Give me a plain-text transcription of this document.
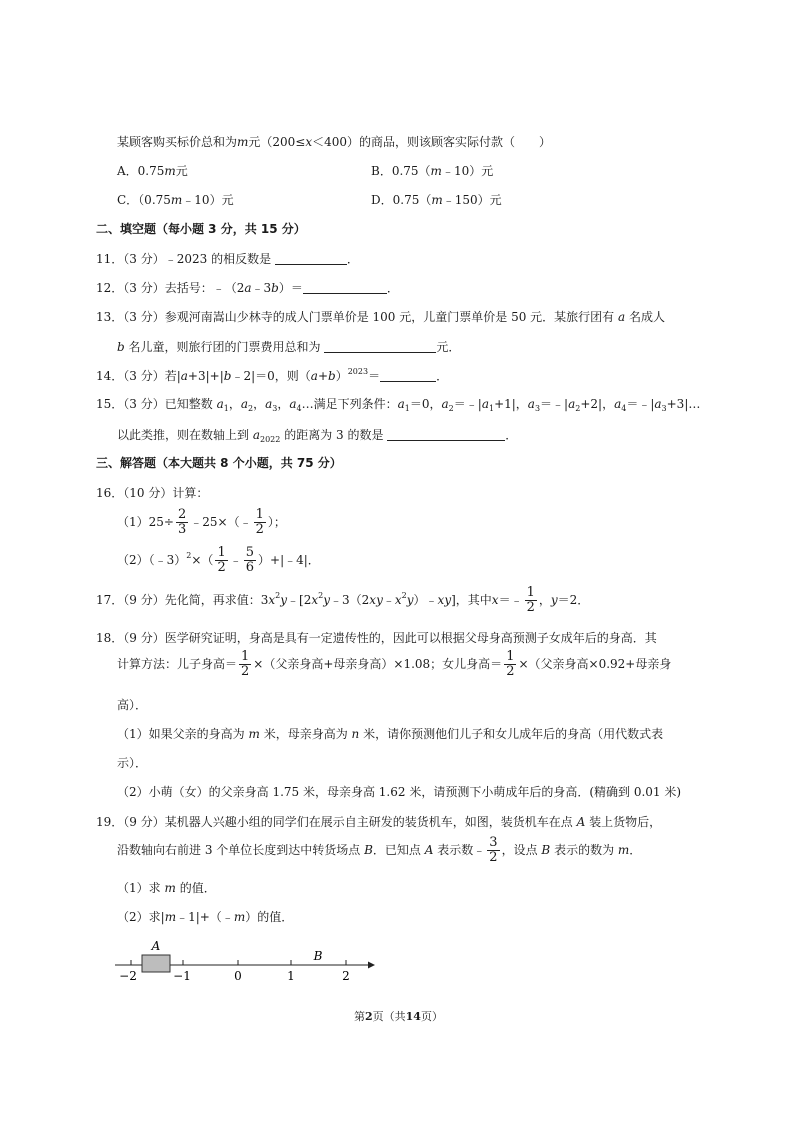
某顾客购买标价总和为m元（200≤x＜400）的商品，则该顾客实际付款（　　）
A．0.75m元	B．0.75（m﹣10）元
C．（0.75m﹣10）元	D．0.75（m﹣150）元
二、填空题（每小题 3 分，共 15 分）
11．（3 分）﹣2023 的相反数是	．
12．（3 分）去括号：﹣（2a﹣3b）＝	．
13．（3 分）参观河南嵩山少林寺的成人门票单价是 100 元，儿童门票单价是 50 元．某旅行团有 a 名成人
b 名儿童，则旅行团的门票费用总和为	元．
14．（3 分）若|a+3|+|b﹣2|＝0，则$(a+b)^{2023}=$	．
15．（3 分）已知整数 $a_1$，$a_2$，$a_3$，$a_4\dots$满足下列条件：$a_1=0$，$a_2=﹣|a_1+1|$，$a_3=﹣|a_2+2|$，$a_4=﹣|a_3+3|\dots$
以此类推，则在数轴上到 $a_{2022}$ 的距离为 3 的数是	．
三、解答题（本大题共 8 个小题，共 75 分）
16．（10 分）计算：
$(1)25\div \frac{2}{3}$ ﹣25×（﹣ $\frac{1}{2}$ ）；
（2）（﹣3）$^2$×（ $\frac{1}{2}$ ﹣ $\frac{5}{6}$ ）+|﹣4|．
17．（9 分）先化简，再求值：$3x^2y﹣[2x^2y﹣3(2xy﹣x^2y)﹣xy]$，其中x＝﹣ $\frac{1}{2}$ ，y＝2．
18．（9 分）医学研究证明，身高是具有一定遗传性的，因此可以根据父母身高预测子女成年后的身高．其
计算方法：儿子身高＝ $\frac{1}{2}$ ×（父亲身高+母亲身高）×1.08；女儿身高＝ $\frac{1}{2}$ ×（父亲身高×0.92+母亲身
高）．
（1）如果父亲的身高为 m 米，母亲身高为 n 米，请你预测他们儿子和女儿成年后的身高（用代数式表
示）．
（2）小萌（女）的父亲身高 1.75 米，母亲身高 1.62 米，请预测下小萌成年后的身高．(精确到 0.01 米)
19．（9 分）某机器人兴趣小组的同学们在展示自主研发的装货机车，如图，装货机车在点 A 装上货物后，
沿数轴向右前进 3 个单位长度到达中转货场点 B．已知点 A 表示数﹣ $\frac{3}{2}$ ，设点 B 表示的数为 m．
（1）求 m 的值．
（2）求|m﹣1|+（﹣m）的值．
A
B
−2	−1	0	1	2
第2页（共14页）
